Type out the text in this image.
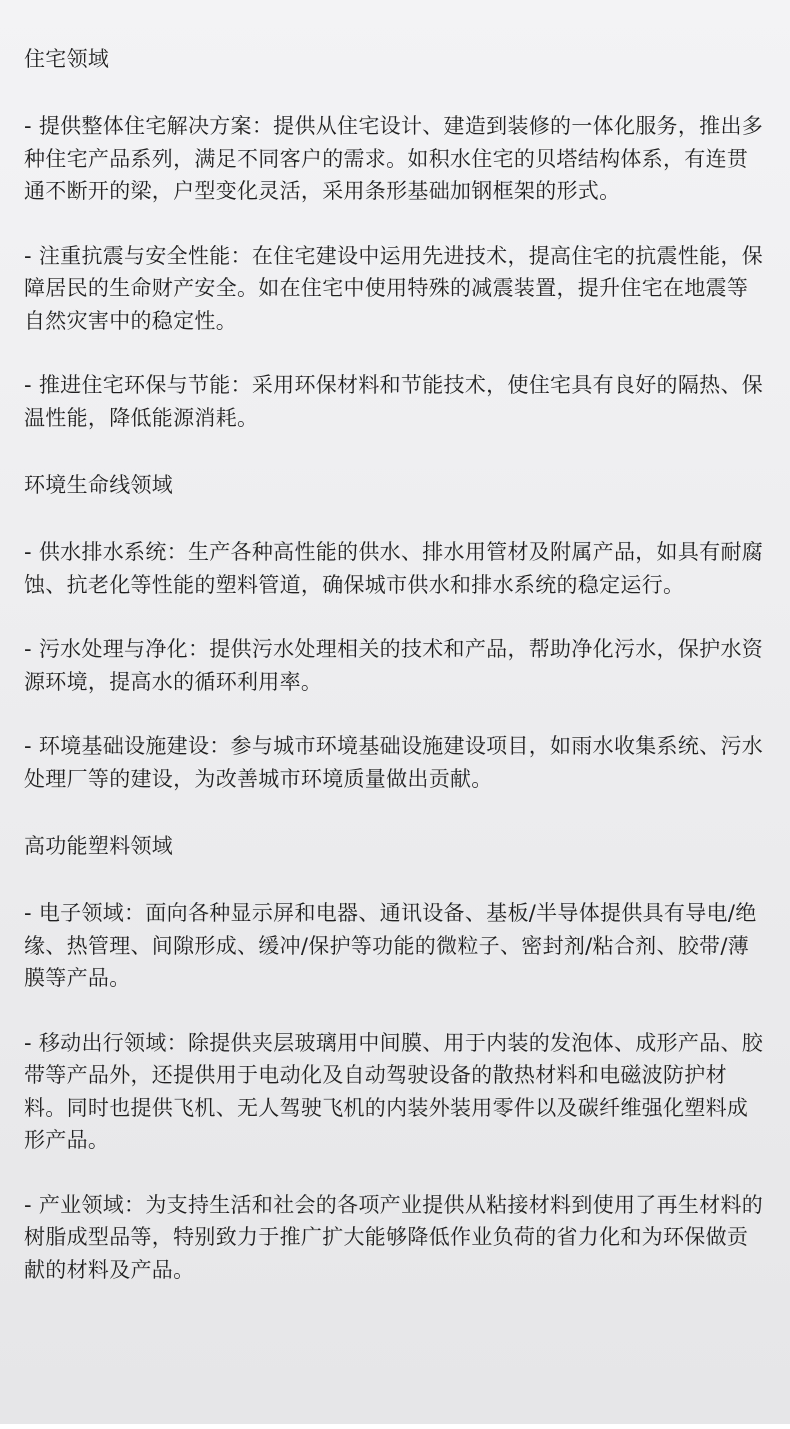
住宅领域

- 提供整体住宅解决方案：提供从住宅设计、建造到装修的一体化服务，推出多种住宅产品系列，满足不同客户的需求。如积水住宅的贝塔结构体系，有连贯通不断开的梁，户型变化灵活，采用条形基础加钢框架的形式。

- 注重抗震与安全性能：在住宅建设中运用先进技术，提高住宅的抗震性能，保障居民的生命财产安全。如在住宅中使用特殊的减震装置，提升住宅在地震等自然灾害中的稳定性。

- 推进住宅环保与节能：采用环保材料和节能技术，使住宅具有良好的隔热、保温性能，降低能源消耗。

环境生命线领域

- 供水排水系统：生产各种高性能的供水、排水用管材及附属产品，如具有耐腐蚀、抗老化等性能的塑料管道，确保城市供水和排水系统的稳定运行。

- 污水处理与净化：提供污水处理相关的技术和产品，帮助净化污水，保护水资源环境，提高水的循环利用率。

- 环境基础设施建设：参与城市环境基础设施建设项目，如雨水收集系统、污水处理厂等的建设，为改善城市环境质量做出贡献。

高功能塑料领域

- 电子领域：面向各种显示屏和电器、通讯设备、基板/半导体提供具有导电/绝缘、热管理、间隙形成、缓冲/保护等功能的微粒子、密封剂/粘合剂、胶带/薄膜等产品。

- 移动出行领域：除提供夹层玻璃用中间膜、用于内装的发泡体、成形产品、胶带等产品外，还提供用于电动化及自动驾驶设备的散热材料和电磁波防护材料。同时也提供飞机、无人驾驶飞机的内装外装用零件以及碳纤维强化塑料成形产品。

- 产业领域：为支持生活和社会的各项产业提供从粘接材料到使用了再生材料的树脂成型品等，特别致力于推广扩大能够降低作业负荷的省力化和为环保做贡献的材料及产品。
